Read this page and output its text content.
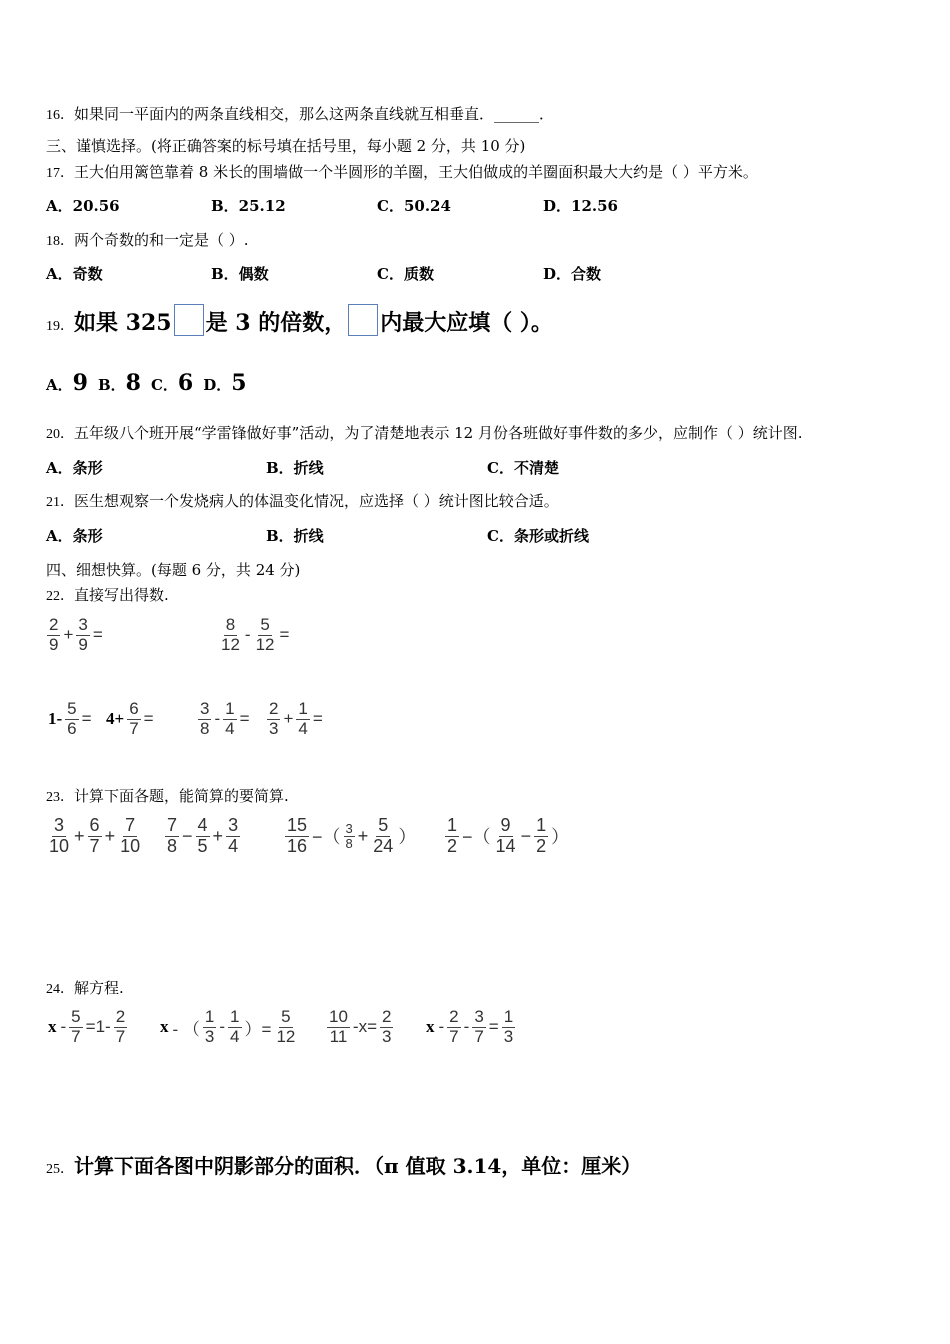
16．如果同一平面内的两条直线相交，那么这两条直线就互相垂直．______．
三、谨慎选择。(将正确答案的标号填在括号里，每小题 2 分，共 10 分)
17．王大伯用篱笆靠着 8 米长的围墙做一个半圆形的羊圈，王大伯做成的羊圈面积最大大约是（ ）平方米。
A．20.56	B．25.12	C．50.24	D．12.56
18．两个奇数的和一定是（ ）.
A．奇数	B．偶数	C．质数	D．合数
19．如果 325 是 3 的倍数， 内最大应填（ ）。
A．9 B．8 C．6 D．5
20．五年级八个班开展“学雷锋做好事”活动，为了清楚地表示 12 月份各班做好事件数的多少，应制作（ ）统计图.
A．条形	B．折线	C．不清楚
21．医生想观察一个发烧病人的体温变化情况，应选择（ ）统计图比较合适。
A．条形	B．折线	C．条形或折线
四、细想快算。(每题 6 分，共 24 分)
22．直接写出得数.
$\frac{2}{9} + \frac{3}{9}$ =	$\frac{8}{12} - \frac{5}{12}$ =
$1- \frac{5}{6} = 4+ \frac{6}{7}$ =	$\frac{3}{8} - \frac{1}{4} = \frac{2}{3} + \frac{1}{4}$ =
23．计算下面各题，能简算的要简算.
$\frac{3}{10} + \frac{6}{7} + \frac{7}{10} \frac{7}{8} - \frac{4}{5} + \frac{3}{4} \frac{15}{16}$ −（ $\frac{3}{8} + \frac{5}{24}$ ） $\frac{1}{2}$ −（ $\frac{9}{14} - \frac{1}{2}$ ）
24．解方程.
$x - \frac{5}{7} =1- \frac{2}{7}$ x - （ $\frac{1}{3} - \frac{1}{4}$ ）= $\frac{5}{12} \frac{10}{11} -x= \frac{2}{3}$ $x - \frac{2}{7} - \frac{3}{7} = \frac{1}{3}$
25．计算下面各图中阴影部分的面积．（π 值取 3.14，单位：厘米）
